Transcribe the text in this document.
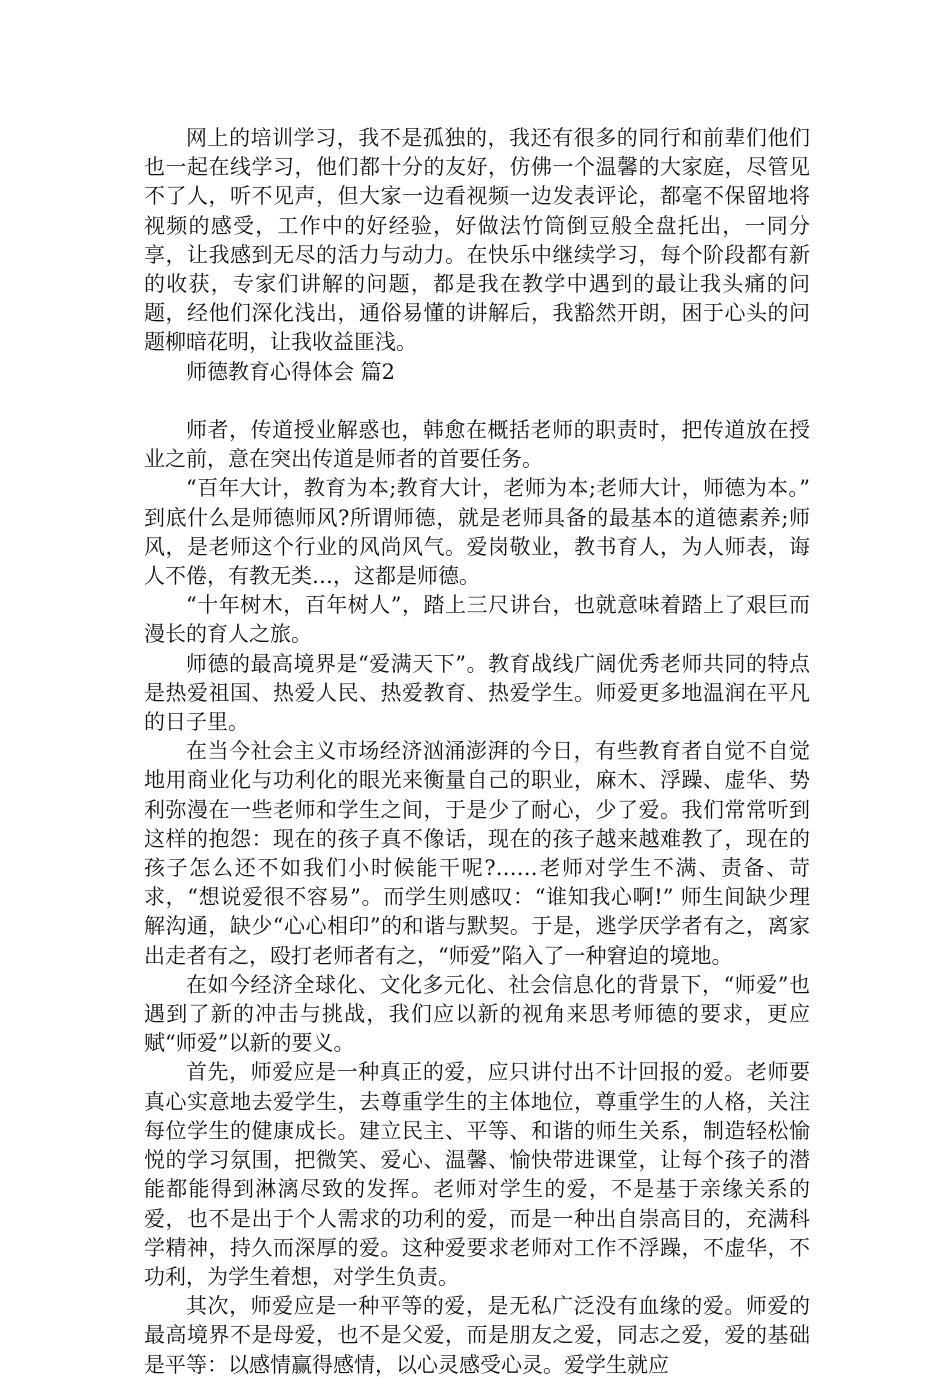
网上的培训学习，我不是孤独的，我还有很多的同行和前辈们他们也一起在线学习，他们都十分的友好，仿佛一个温馨的大家庭，尽管见不了人，听不见声，但大家一边看视频一边发表评论，都毫不保留地将视频的感受，工作中的好经验，好做法竹筒倒豆般全盘托出，一同分享，让我感到无尽的活力与动力。在快乐中继续学习，每个阶段都有新的收获，专家们讲解的问题，都是我在教学中遇到的最让我头痛的问题，经他们深化浅出，通俗易懂的讲解后，我豁然开朗，困于心头的问题柳暗花明，让我收益匪浅。

师德教育心得体会 篇2

师者，传道授业解惑也，韩愈在概括老师的职责时，把传道放在授业之前，意在突出传道是师者的首要任务。

“百年大计，教育为本;教育大计，老师为本;老师大计，师德为本。” 到底什么是师德师风?所谓师德，就是老师具备的最基本的道德素养;师风，是老师这个行业的风尚风气。爱岗敬业，教书育人，为人师表，诲人不倦，有教无类…，这都是师德。

“十年树木，百年树人”，踏上三尺讲台，也就意味着踏上了艰巨而漫长的育人之旅。

师德的最高境界是“爱满天下”。教育战线广阔优秀老师共同的特点是热爱祖国、热爱人民、热爱教育、热爱学生。师爱更多地温润在平凡的日子里。

在当今社会主义市场经济汹涌澎湃的今日，有些教育者自觉不自觉地用商业化与功利化的眼光来衡量自己的职业，麻木、浮躁、虚华、势利弥漫在一些老师和学生之间，于是少了耐心，少了爱。我们常常听到这样的抱怨：现在的孩子真不像话，现在的孩子越来越难教了，现在的孩子怎么还不如我们小时候能干呢?……老师对学生不满、责备、苛求，“想说爱很不容易”。而学生则感叹：“谁知我心啊!” 师生间缺少理解沟通，缺少“心心相印”的和谐与默契。于是，逃学厌学者有之，离家出走者有之，殴打老师者有之，“师爱”陷入了一种窘迫的境地。

在如今经济全球化、文化多元化、社会信息化的背景下，“师爱”也遇到了新的冲击与挑战，我们应以新的视角来思考师德的要求，更应赋“师爱”以新的要义。

首先，师爱应是一种真正的爱，应只讲付出不计回报的爱。老师要真心实意地去爱学生，去尊重学生的主体地位，尊重学生的人格，关注每位学生的健康成长。建立民主、平等、和谐的师生关系，制造轻松愉悦的学习氛围，把微笑、爱心、温馨、愉快带进课堂，让每个孩子的潜能都能得到淋漓尽致的发挥。老师对学生的爱，不是基于亲缘关系的爱，也不是出于个人需求的功利的爱，而是一种出自崇高目的，充满科学精神，持久而深厚的爱。这种爱要求老师对工作不浮躁，不虚华，不功利，为学生着想，对学生负责。

其次，师爱应是一种平等的爱，是无私广泛没有血缘的爱。师爱的最高境界不是母爱，也不是父爱，而是朋友之爱，同志之爱，爱的基础是平等：以感情赢得感情，以心灵感受心灵。爱学生就应
